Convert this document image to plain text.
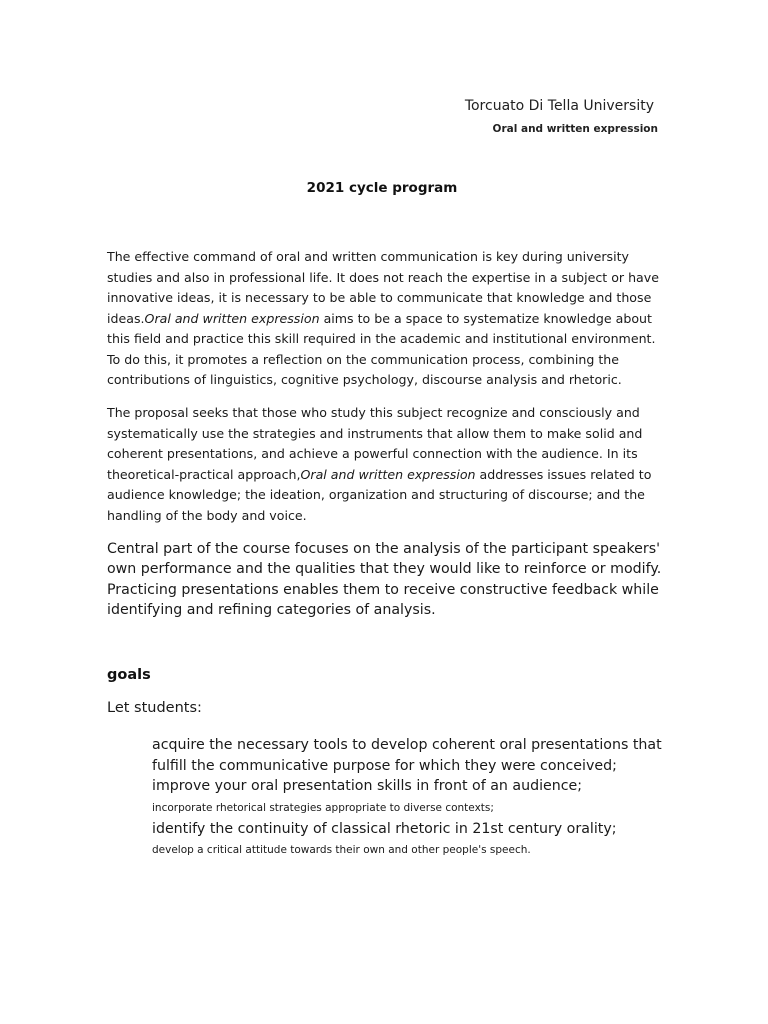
Torcuato Di Tella University
Oral and written expression
2021 cycle program

The effective command of oral and written communication is key during university studies and also in professional life. It does not reach the expertise in a subject or have innovative ideas, it is necessary to be able to communicate that knowledge and those ideas.Oral and written expression aims to be a space to systematize knowledge about this field and practice this skill required in the academic and institutional environment. To do this, it promotes a reflection on the communication process, combining the contributions of linguistics, cognitive psychology, discourse analysis and rhetoric.

The proposal seeks that those who study this subject recognize and consciously and systematically use the strategies and instruments that allow them to make solid and coherent presentations, and achieve a powerful connection with the audience. In its theoretical-practical approach,Oral and written expression addresses issues related to audience knowledge; the ideation, organization and structuring of discourse; and the handling of the body and voice.

Central part of the course focuses on the analysis of the participant speakers' own performance and the qualities that they would like to reinforce or modify. Practicing presentations enables them to receive constructive feedback while identifying and refining categories of analysis.

goals
Let students:
acquire the necessary tools to develop coherent oral presentations that fulfill the communicative purpose for which they were conceived;
improve your oral presentation skills in front of an audience;
incorporate rhetorical strategies appropriate to diverse contexts;
identify the continuity of classical rhetoric in 21st century orality;
develop a critical attitude towards their own and other people's speech.
